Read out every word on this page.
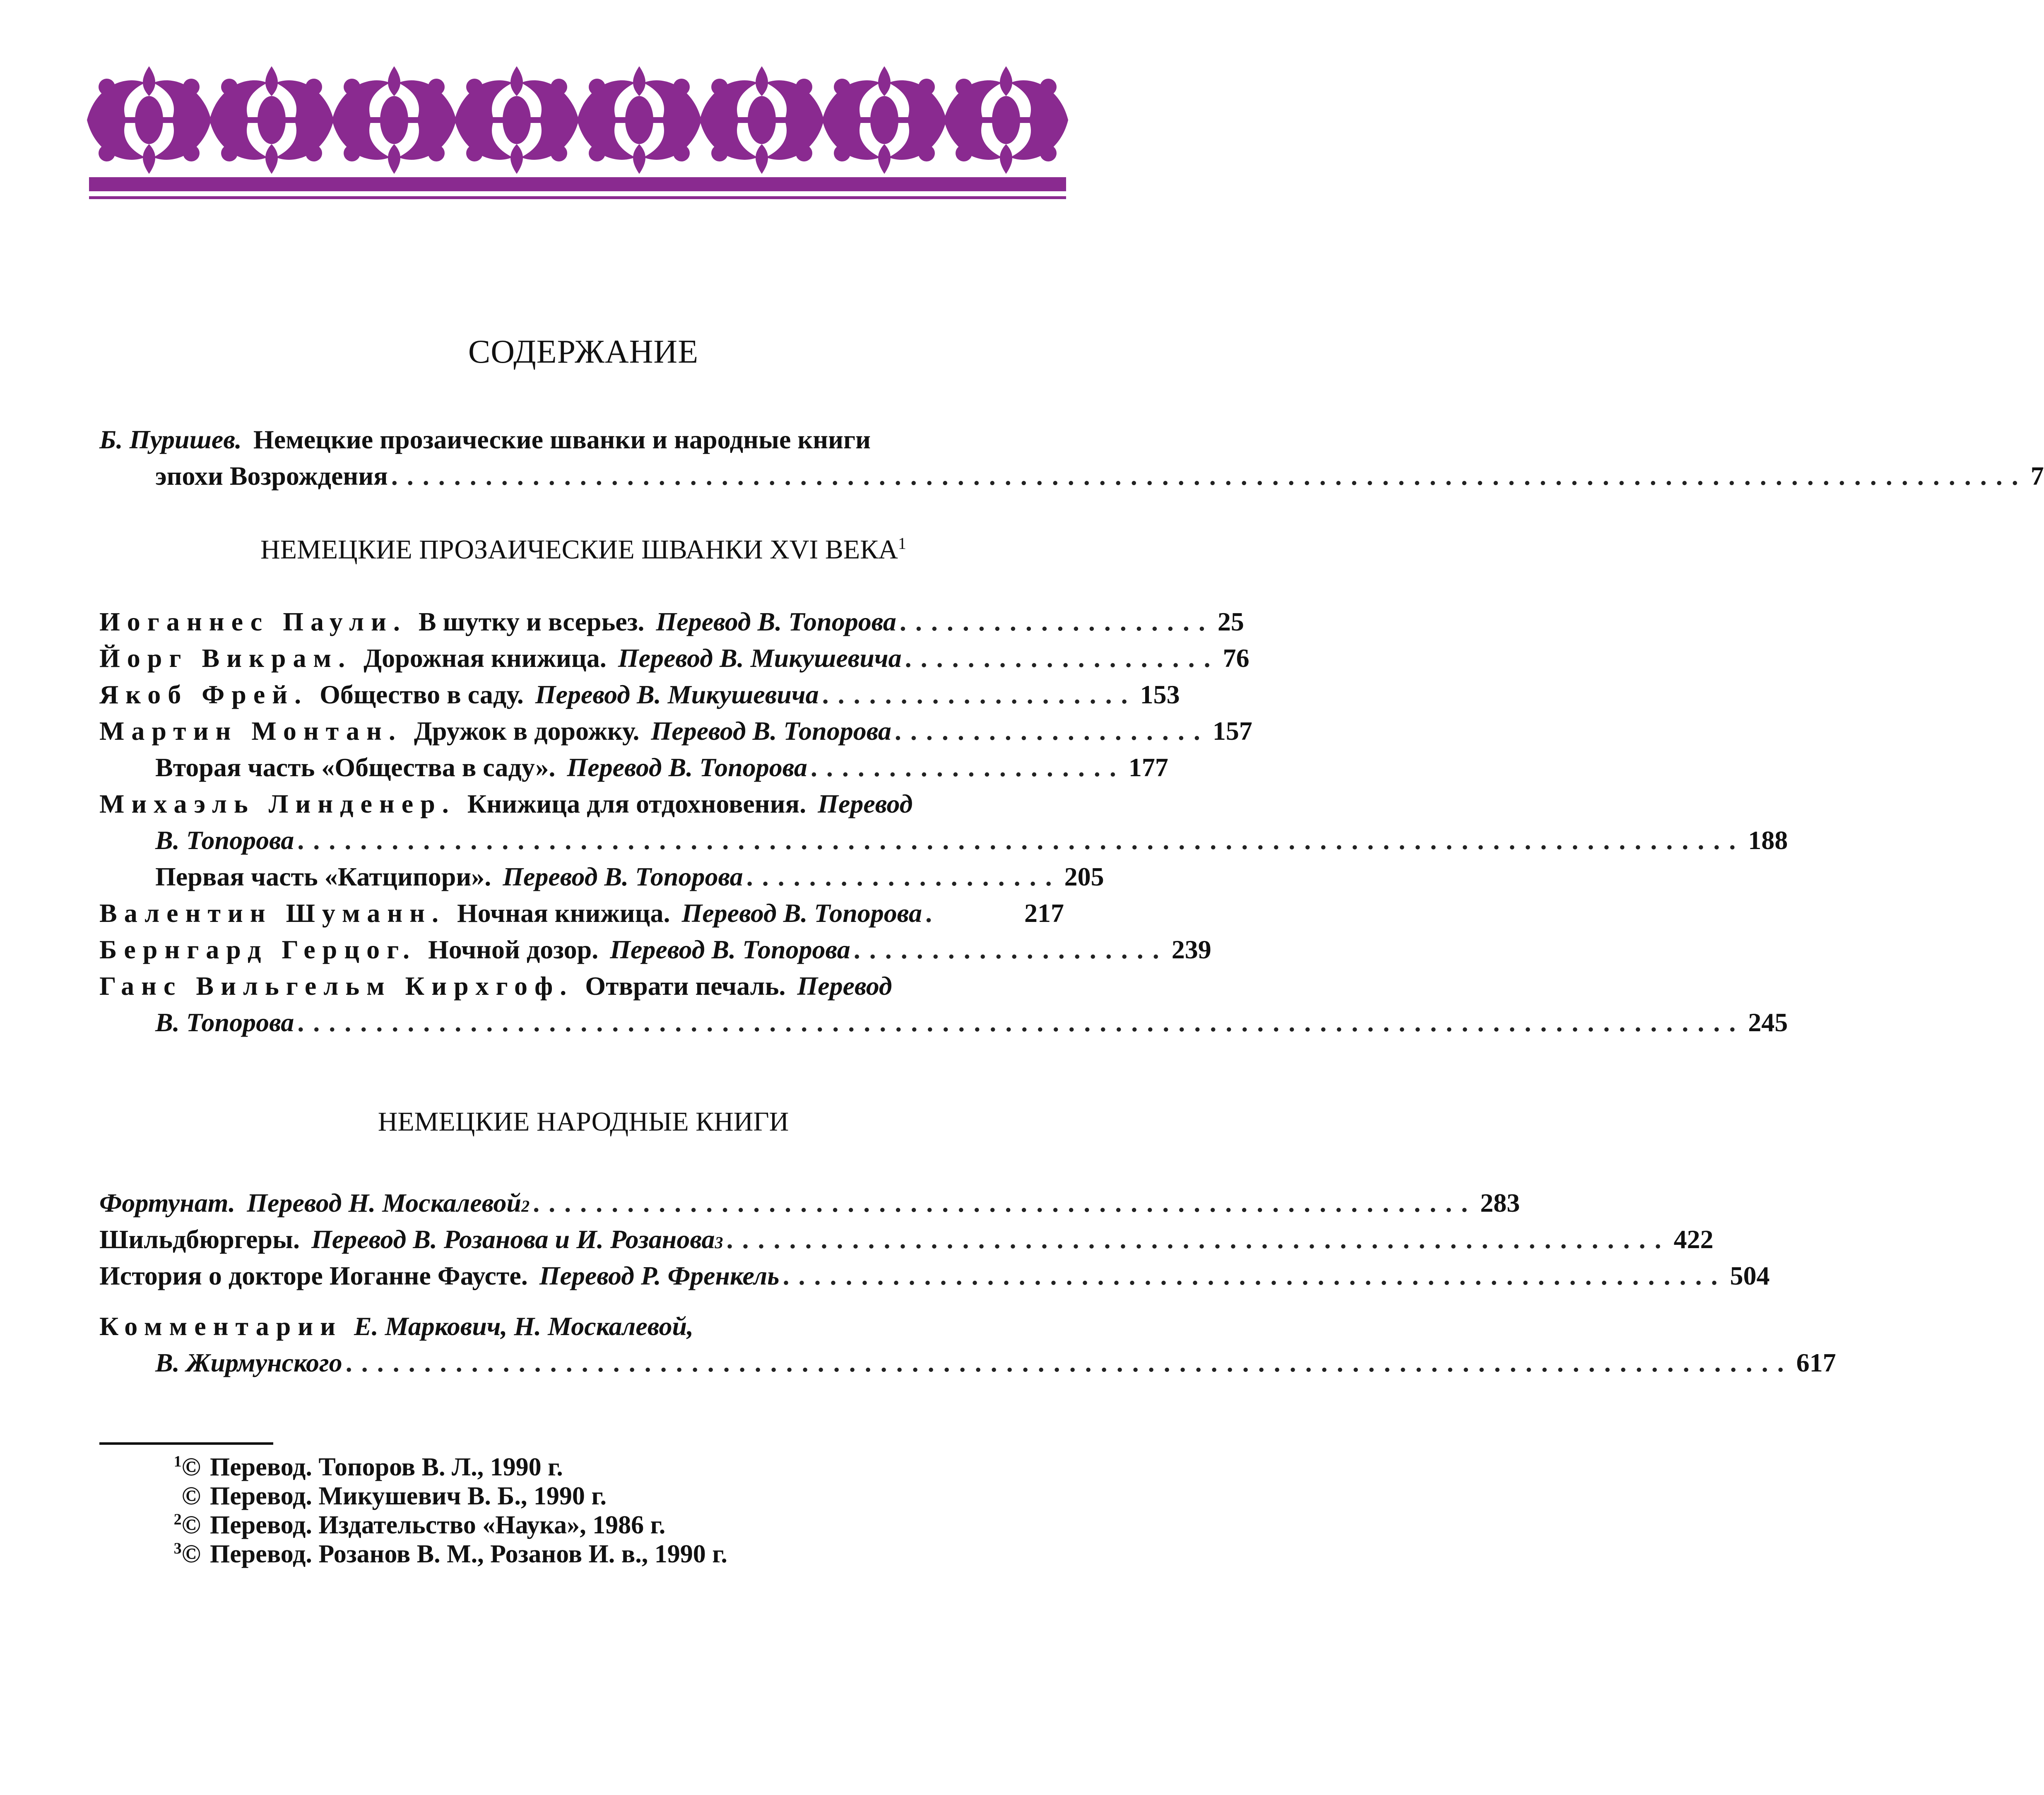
СОДЕРЖАНИЕ
Б. Пуришев. Немецкие прозаические шванки и народные книги
эпохи Возрождения ........................................................................................................ 7
НЕМЕЦКИЕ ПРОЗАИЧЕСКИЕ ШВАНКИ XVI ВЕКА$^1$
Иоганнес Паули. В шутку и всерьез. Перевод В. Топорова .................... 25
Йорг Викрам. Дорожная книжица. Перевод В. Микушевича .................... 76
Якоб Фрей. Общество в саду. Перевод В. Микушевича .................... 153
Мартин Монтан. Дружок в дорожку. Перевод В. Топорова .................... 157
Вторая часть «Общества в саду». Перевод В. Топорова .................... 177
Михаэль Линденер. Книжица для отдохновения. Перевод
В. Топорова ............................................................................................ 188
Первая часть «Катципори». Перевод В. Топорова .................... 205
Валентин Шуманн. Ночная книжица. Перевод В. Топорова .	217
Бернгард Герцог. Ночной дозор. Перевод В. Топорова .................... 239
Ганс Вильгельм Кирхгоф. Отврати печаль. Перевод
В. Топорова ............................................................................................ 245
НЕМЕЦКИЕ НАРОДНЫЕ КНИГИ
Фортунат. Перевод Н. Москалевой 2 ............................................................ 283
Шильдбюргеры. Перевод В. Розанова и И. Розанова 3 ............................................................ 422
История о докторе Иоганне Фаусте. Перевод Р. Френкель ............................................................ 504
Комментарии Е. Маркович, Н. Москалевой,
В. Жирмунского ............................................................................................ 617
$^1$© Перевод. Топоров В. Л., 1990 г.
© Перевод. Микушевич В. Б., 1990 г.
$^2$© Перевод. Издательство «Наука», 1986 г.
$^3$© Перевод. Розанов В. М., Розанов И. в., 1990 г.
